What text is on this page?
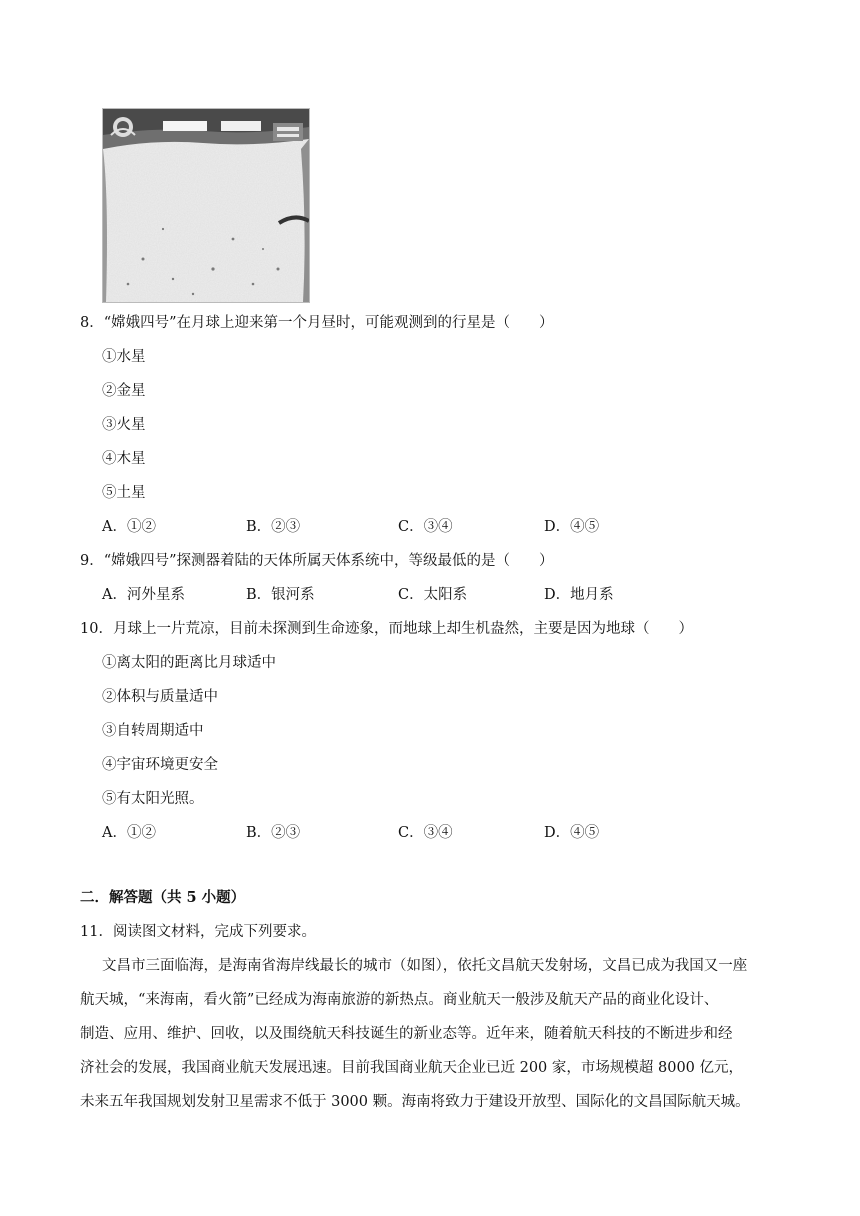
8．“嫦娥四号”在月球上迎来第一个月昼时，可能观测到的行星是（　　）
①水星
②金星
③火星
④木星
⑤土星
A．①②	B．②③	C．③④	D．④⑤
9．“嫦娥四号”探测器着陆的天体所属天体系统中，等级最低的是（　　）
A．河外星系	B．银河系	C．太阳系	D．地月系
10．月球上一片荒凉，目前未探测到生命迹象，而地球上却生机盎然，主要是因为地球（　　）
①离太阳的距离比月球适中
②体积与质量适中
③自转周期适中
④宇宙环境更安全
⑤有太阳光照。
A．①②	B．②③	C．③④	D．④⑤
二．解答题（共 5 小题）
11．阅读图文材料，完成下列要求。
文昌市三面临海，是海南省海岸线最长的城市（如图），依托文昌航天发射场，文昌已成为我国又一座
航天城，“来海南，看火箭”已经成为海南旅游的新热点。商业航天一般涉及航天产品的商业化设计、
制造、应用、维护、回收，以及围绕航天科技诞生的新业态等。近年来，随着航天科技的不断进步和经
济社会的发展，我国商业航天发展迅速。目前我国商业航天企业已近 200 家，市场规模超 8000 亿元，
未来五年我国规划发射卫星需求不低于 3000 颗。海南将致力于建设开放型、国际化的文昌国际航天城。
